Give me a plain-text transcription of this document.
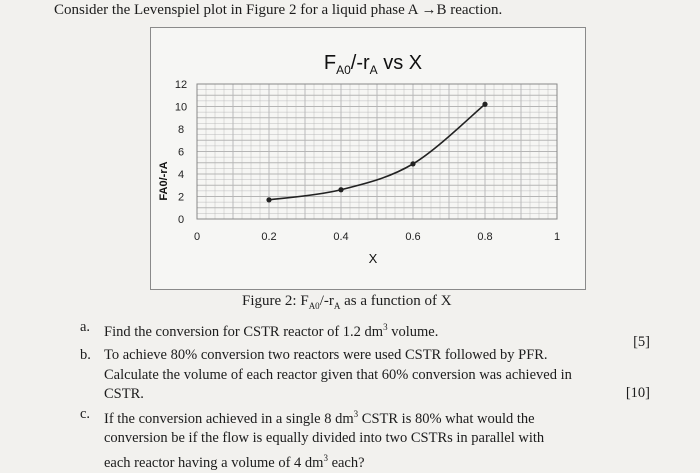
Consider the Levenspiel plot in Figure 2 for a liquid phase A →B reaction.
$F_{A0}/-r_A$ vs X
0	0.2	0.4	0.6	0.8	1
0
2
4
6
8
10
12
X
FA0/-rA
Figure 2: $F_{A0}/-r_A$ as a function of X
a. Find the conversion for CSTR reactor of 1.2 $dm^3$ volume.
[5]
b. To achieve 80% conversion two reactors were used CSTR followed by PFR. Calculate the volume of each reactor given that 60% conversion was achieved in CSTR.	[10]
c. If the conversion achieved in a single 8 $dm^3$ CSTR is 80% what would the conversion be if the flow is equally divided into two CSTRs in parallel with each reactor having a volume of 4 $dm^3$ each?
